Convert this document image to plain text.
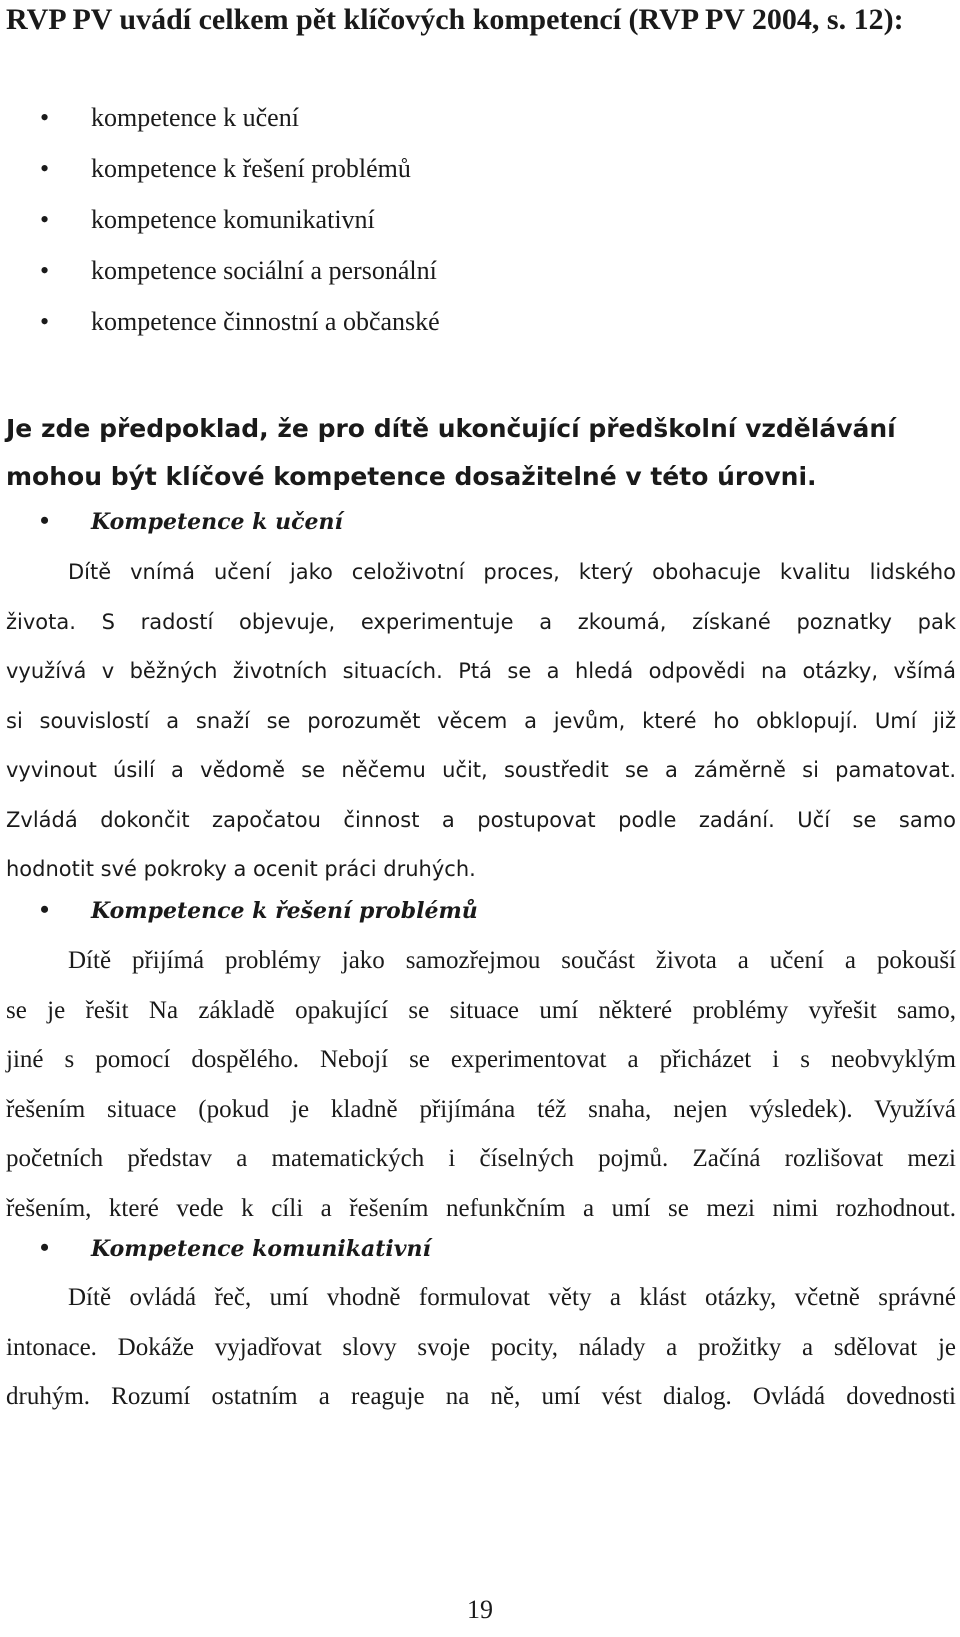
RVP PV uvádí celkem pět klíčových kompetencí (RVP PV 2004, s. 12):
• kompetence k učení
• kompetence k řešení problémů
• kompetence komunikativní
• kompetence sociální a personální
• kompetence činnostní a občanské

Je zde předpoklad, že pro dítě ukončující předškolní vzdělávání mohou být klíčové kompetence dosažitelné v této úrovni.

• Kompetence k učení
Dítě vnímá učení jako celoživotní proces, který obohacuje kvalitu lidského
života. S radostí objevuje, experimentuje a zkoumá, získané poznatky pak
využívá v běžných životních situacích. Ptá se a hledá odpovědi na otázky, všímá
si souvislostí a snaží se porozumět věcem a jevům, které ho obklopují. Umí již
vyvinout úsilí a vědomě se něčemu učit, soustředit se a záměrně si pamatovat.
Zvládá dokončit započatou činnost a postupovat podle zadání. Učí se samo
hodnotit své pokroky a ocenit práci druhých.
• Kompetence k řešení problémů
Dítě přijímá problémy jako samozřejmou součást života a učení a pokouší
se je řešit Na základě opakující se situace umí některé problémy vyřešit samo,
jiné s pomocí dospělého. Nebojí se experimentovat a přicházet i s neobvyklým
řešením situace (pokud je kladně přijímána též snaha, nejen výsledek). Využívá
početních představ a matematických i číselných pojmů. Začíná rozlišovat mezi
řešením, které vede k cíli a řešením nefunkčním a umí se mezi nimi rozhodnout.
• Kompetence komunikativní
Dítě ovládá řeč, umí vhodně formulovat věty a klást otázky, včetně správné
intonace. Dokáže vyjadřovat slovy svoje pocity, nálady a prožitky a sdělovat je
druhým. Rozumí ostatním a reaguje na ně, umí vést dialog. Ovládá dovednosti
19
